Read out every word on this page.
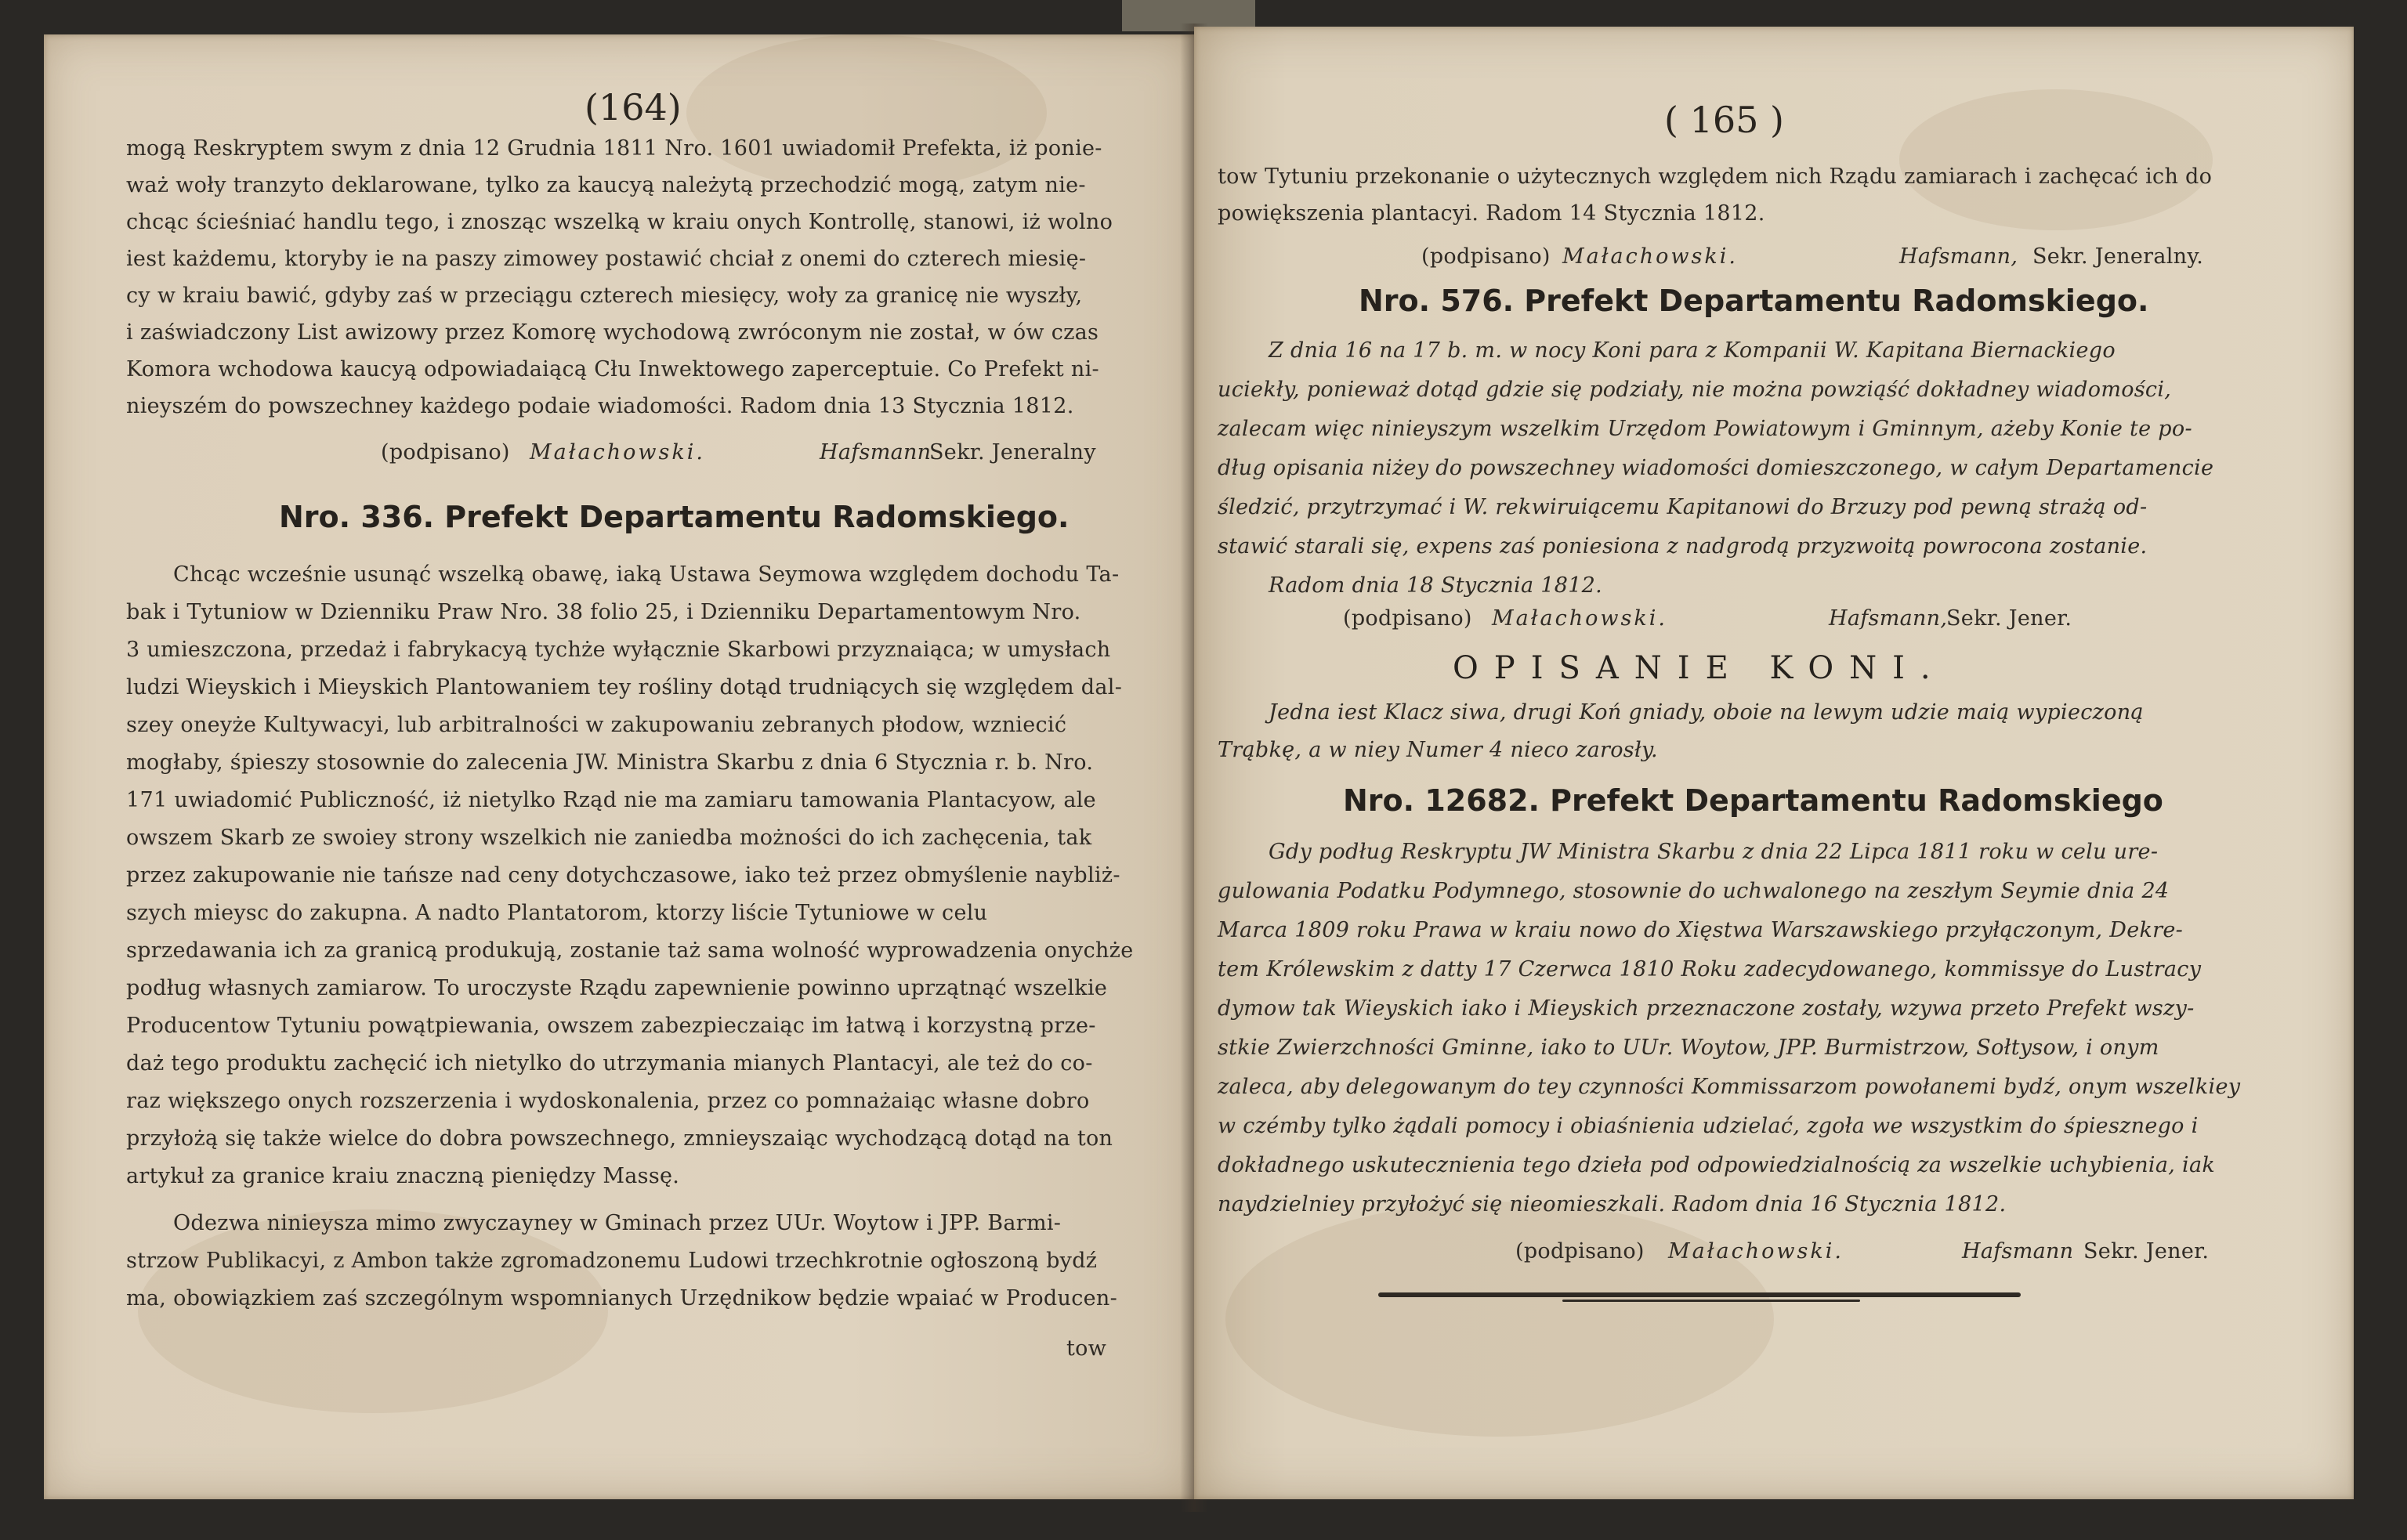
(164)
mogą Reskryptem swym z dnia 12 Grudnia 1811 Nro. 1601 uwiadomił Prefekta, iż ponie-
waż woły tranzyto deklarowane, tylko za kaucyą należytą przechodzić mogą, zatym nie-
chcąc ścieśniać handlu tego, i znosząc wszelką w kraiu onych Kontrollę, stanowi, iż wolno
iest każdemu, ktoryby ie na paszy zimowey postawić chciał z onemi do czterech miesię-
cy w kraiu bawić, gdyby zaś w przeciągu czterech miesięcy, woły za granicę nie wyszły,
i zaświadczony List awizowy przez Komorę wychodową zwróconym nie został, w ów czas
Komora wchodowa kaucyą odpowiadaiącą Cłu Inwektowego zaperceptuie. Co Prefekt ni-
nieyszém do powszechney każdego podaie wiadomości. Radom dnia 13 Stycznia 1812.
(podpisano) Małachowski.	Hafsmann
Sekr. Jeneralny
Nro. 336. Prefekt Departamentu Radomskiego.
Chcąc wcześnie usunąć wszelką obawę, iaką Ustawa Seymowa względem dochodu Ta-
bak i Tytuniow w Dzienniku Praw Nro. 38 folio 25, i Dzienniku Departamentowym Nro.
3 umieszczona, przedaż i fabrykacyą tychże wyłącznie Skarbowi przyznaiąca; w umysłach
ludzi Wieyskich i Mieyskich Plantowaniem tey rośliny dotąd trudniących się względem dal-
szey oneyże Kultywacyi, lub arbitralności w zakupowaniu zebranych płodow, wzniecić
mogłaby, śpieszy stosownie do zalecenia JW. Ministra Skarbu z dnia 6 Stycznia r. b. Nro.
171 uwiadomić Publiczność, iż nietylko Rząd nie ma zamiaru tamowania Plantacyow, ale
owszem Skarb ze swoiey strony wszelkich nie zaniedba możności do ich zachęcenia, tak
przez zakupowanie nie tańsze nad ceny dotychczasowe, iako też przez obmyślenie naybliż-
szych mieysc do zakupna. A nadto Plantatorom, ktorzy liście Tytuniowe w celu
sprzedawania ich za granicą produkują, zostanie taż sama wolność wyprowadzenia onychże
podług własnych zamiarow. To uroczyste Rządu zapewnienie powinno uprzątnąć wszelkie
Producentow Tytuniu powątpiewania, owszem zabezpieczaiąc im łatwą i korzystną prze-
daż tego produktu zachęcić ich nietylko do utrzymania mianych Plantacyi, ale też do co-
raz większego onych rozszerzenia i wydoskonalenia, przez co pomnażaiąc własne dobro
przyłożą się także wielce do dobra powszechnego, zmnieyszaiąc wychodzącą dotąd na ton
artykuł za granice kraiu znaczną pieniędzy Massę.
Odezwa ninieysza mimo zwyczayney w Gminach przez UUr. Woytow i JPP. Barmi-
strzow Publikacyi, z Ambon także zgromadzonemu Ludowi trzechkrotnie ogłoszoną bydź
ma, obowiązkiem zaś szczególnym wspomnianych Urzędnikow będzie wpaiać w Producen-
tow
( 165 )
tow Tytuniu przekonanie o użytecznych względem nich Rządu zamiarach i zachęcać ich do
powiększenia plantacyi. Radom 14 Stycznia 1812.
(podpisano) Małachowski.	Hafsmann, Sekr. Jeneralny.
Nro. 576. Prefekt Departamentu Radomskiego.
Z dnia 16 na 17 b. m. w nocy Koni para z Kompanii W. Kapitana Biernackiego
uciekły, ponieważ dotąd gdzie się podziały, nie można powziąść dokładney wiadomości,
zalecam więc ninieyszym wszelkim Urzędom Powiatowym i Gminnym, ażeby Konie te po-
dług opisania niżey do powszechney wiadomości domieszczonego, w całym Departamencie
śledzić, przytrzymać i W. rekwiruiącemu Kapitanowi do Brzuzy pod pewną strażą od-
stawić starali się, expens zaś poniesiona z nadgrodą przyzwoitą powrocona zostanie.
Radom dnia 18 Stycznia 1812.
(podpisano) Małachowski.	Hafsmann,
Sekr. Jener.
OPISANIE KONI.
Jedna iest Klacz siwa, drugi Koń gniady, oboie na lewym udzie maią wypieczoną
Trąbkę, a w niey Numer 4 nieco zarosły.
Nro. 12682. Prefekt Departamentu Radomskiego
Gdy podług Reskryptu JW Ministra Skarbu z dnia 22 Lipca 1811 roku w celu ure-
gulowania Podatku Podymnego, stosownie do uchwalonego na zeszłym Seymie dnia 24
Marca 1809 roku Prawa w kraiu nowo do Xięstwa Warszawskiego przyłączonym, Dekre-
tem Królewskim z datty 17 Czerwca 1810 Roku zadecydowanego, kommissye do Lustracy
dymow tak Wieyskich iako i Mieyskich przeznaczone zostały, wzywa przeto Prefekt wszy-
stkie Zwierzchności Gminne, iako to UUr. Woytow, JPP. Burmistrzow, Sołtysow, i onym
zaleca, aby delegowanym do tey czynności Kommissarzom powołanemi bydź, onym wszelkiey
w czémby tylko żądali pomocy i obiaśnienia udzielać, zgoła we wszystkim do śpiesznego i
dokładnego uskutecznienia tego dzieła pod odpowiedzialnością za wszelkie uchybienia, iak
naydzielniey przyłożyć się nieomieszkali. Radom dnia 16 Stycznia 1812.
(podpisano) Małachowski.	Hafsmann Sekr. Jener.
